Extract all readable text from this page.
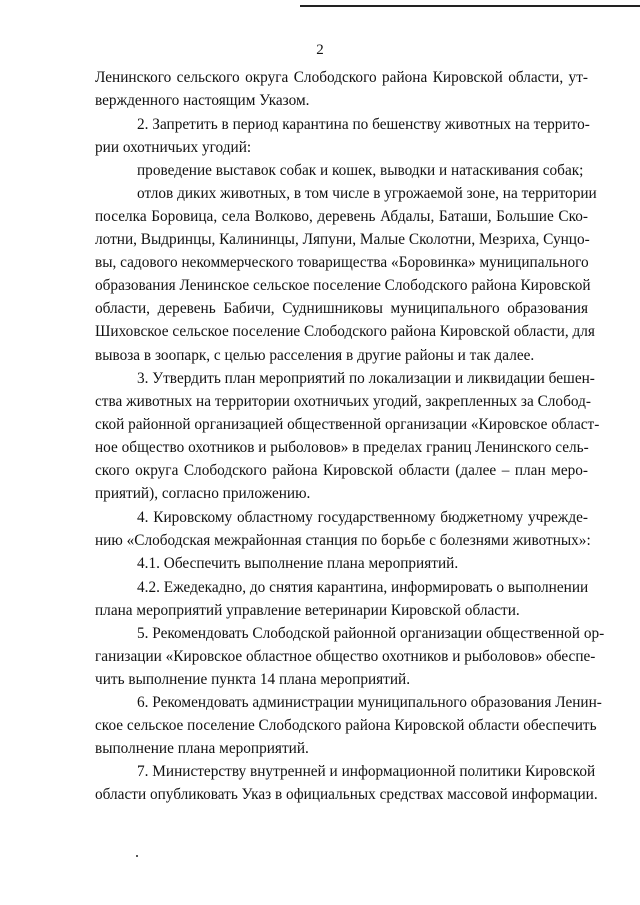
2
Ленинского сельского округа Слободского района Кировской области, ут-
вержденного настоящим Указом.
2. Запретить в период карантина по бешенству животных на террито-
рии охотничьих угодий:
проведение выставок собак и кошек, выводки и натаскивания собак;
отлов диких животных, в том числе в угрожаемой зоне, на территории
поселка Боровица, села Волково, деревень Абдалы, Баташи, Большие Ско-
лотни, Выдринцы, Калининцы, Ляпуни, Малые Сколотни, Мезриха, Сунцо-
вы, садового некоммерческого товарищества «Боровинка» муниципального
образования Ленинское сельское поселение Слободского района Кировской
области, деревень Бабичи, Суднишниковы муниципального образования
Шиховское сельское поселение Слободского района Кировской области, для
вывоза в зоопарк, с целью расселения в другие районы и так далее.
3. Утвердить план мероприятий по локализации и ликвидации бешен-
ства животных на территории охотничьих угодий, закрепленных за Слобод-
ской районной организацией общественной организации «Кировское област-
ное общество охотников и рыболовов» в пределах границ Ленинского сель-
ского округа Слободского района Кировской области (далее – план меро-
приятий), согласно приложению.
4. Кировскому областному государственному бюджетному учрежде-
нию «Слободская межрайонная станция по борьбе с болезнями животных»:
4.1. Обеспечить выполнение плана мероприятий.
4.2. Ежедекадно, до снятия карантина, информировать о выполнении
плана мероприятий управление ветеринарии Кировской области.
5. Рекомендовать Слободской районной организации общественной ор-
ганизации «Кировское областное общество охотников и рыболовов» обеспе-
чить выполнение пункта 14 плана мероприятий.
6. Рекомендовать администрации муниципального образования Ленин-
ское сельское поселение Слободского района Кировской области обеспечить
выполнение плана мероприятий.
7. Министерству внутренней и информационной политики Кировской
области опубликовать Указ в официальных средствах массовой информации.
